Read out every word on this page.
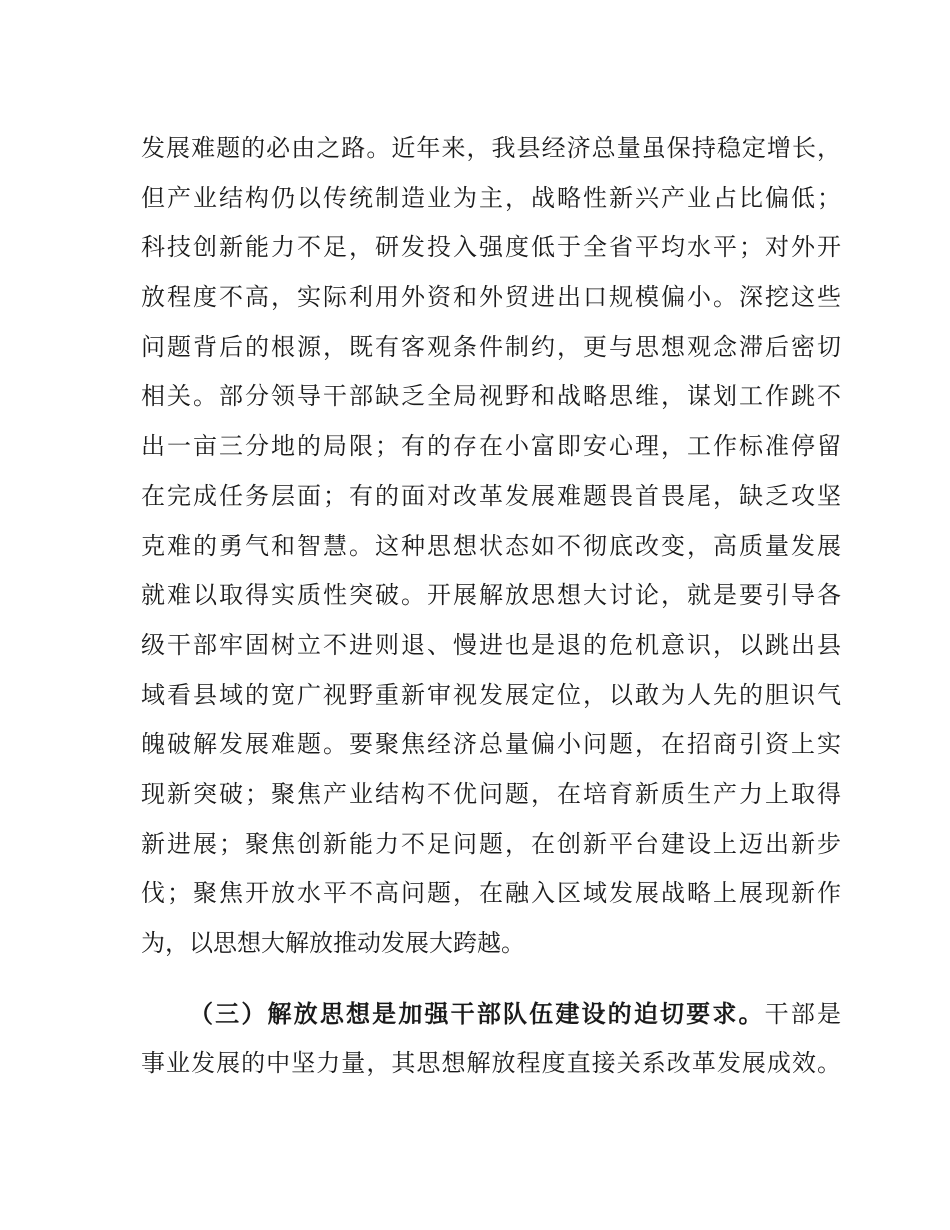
发展难题的必由之路。近年来，我县经济总量虽保持稳定增长，
但产业结构仍以传统制造业为主，战略性新兴产业占比偏低；
科技创新能力不足，研发投入强度低于全省平均水平；对外开
放程度不高，实际利用外资和外贸进出口规模偏小。深挖这些
问题背后的根源，既有客观条件制约，更与思想观念滞后密切
相关。部分领导干部缺乏全局视野和战略思维，谋划工作跳不
出一亩三分地的局限；有的存在小富即安心理，工作标准停留
在完成任务层面；有的面对改革发展难题畏首畏尾，缺乏攻坚
克难的勇气和智慧。这种思想状态如不彻底改变，高质量发展
就难以取得实质性突破。开展解放思想大讨论，就是要引导各
级干部牢固树立不进则退、慢进也是退的危机意识，以跳出县
域看县域的宽广视野重新审视发展定位，以敢为人先的胆识气
魄破解发展难题。要聚焦经济总量偏小问题，在招商引资上实
现新突破；聚焦产业结构不优问题，在培育新质生产力上取得
新进展；聚焦创新能力不足问题，在创新平台建设上迈出新步
伐；聚焦开放水平不高问题，在融入区域发展战略上展现新作
为，以思想大解放推动发展大跨越。
（三）解放思想是加强干部队伍建设的迫切要求。干部是
事业发展的中坚力量，其思想解放程度直接关系改革发展成效。
